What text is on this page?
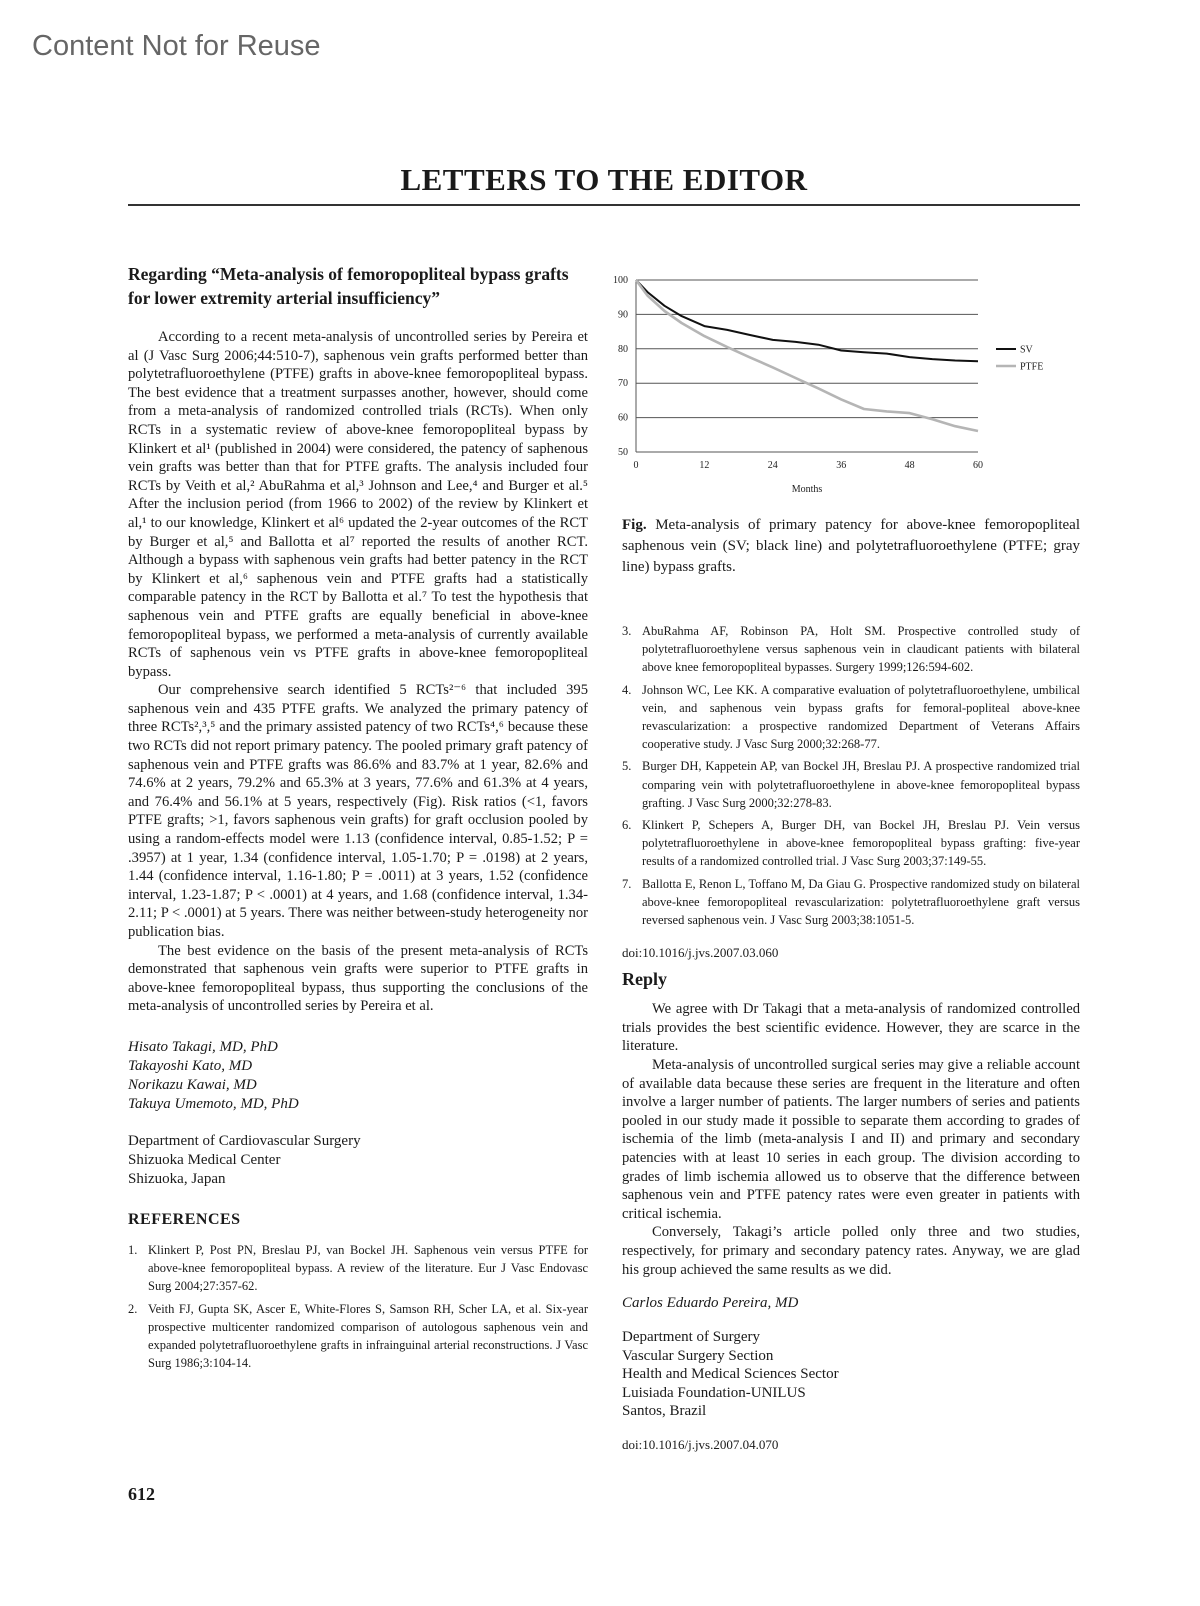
Content Not for Reuse
LETTERS TO THE EDITOR
Regarding “Meta-analysis of femoropopliteal bypass grafts for lower extremity arterial insufficiency”

According to a recent meta-analysis of uncontrolled series by Pereira et al (J Vasc Surg 2006;44:510-7), saphenous vein grafts performed better than polytetrafluoroethylene (PTFE) grafts in above-knee femoropopliteal bypass. The best evidence that a treatment surpasses another, however, should come from a meta-analysis of randomized controlled trials (RCTs). When only RCTs in a systematic review of above-knee femoropopliteal bypass by Klinkert et al¹ (published in 2004) were considered, the patency of saphenous vein grafts was better than that for PTFE grafts. The analysis included four RCTs by Veith et al,² AbuRahma et al,³ Johnson and Lee,⁴ and Burger et al.⁵ After the inclusion period (from 1966 to 2002) of the review by Klinkert et al,¹ to our knowledge, Klinkert et al⁶ updated the 2-year outcomes of the RCT by Burger et al,⁵ and Ballotta et al⁷ reported the results of another RCT. Although a bypass with saphenous vein grafts had better patency in the RCT by Klinkert et al,⁶ saphenous vein and PTFE grafts had a statistically comparable patency in the RCT by Ballotta et al.⁷ To test the hypothesis that saphenous vein and PTFE grafts are equally beneficial in above-knee femoropopliteal bypass, we performed a meta-analysis of currently available RCTs of saphenous vein vs PTFE grafts in above-knee femoropopliteal bypass.

Our comprehensive search identified 5 RCTs²⁻⁶ that included 395 saphenous vein and 435 PTFE grafts. We analyzed the primary patency of three RCTs²,³,⁵ and the primary assisted patency of two RCTs⁴,⁶ because these two RCTs did not report primary patency. The pooled primary graft patency of saphenous vein and PTFE grafts was 86.6% and 83.7% at 1 year, 82.6% and 74.6% at 2 years, 79.2% and 65.3% at 3 years, 77.6% and 61.3% at 4 years, and 76.4% and 56.1% at 5 years, respectively (Fig). Risk ratios (<1, favors PTFE grafts; >1, favors saphenous vein grafts) for graft occlusion pooled by using a random-effects model were 1.13 (confidence interval, 0.85-1.52; P = .3957) at 1 year, 1.34 (confidence interval, 1.05-1.70; P = .0198) at 2 years, 1.44 (confidence interval, 1.16-1.80; P = .0011) at 3 years, 1.52 (confidence interval, 1.23-1.87; P < .0001) at 4 years, and 1.68 (confidence interval, 1.34-2.11; P < .0001) at 5 years. There was neither between-study heterogeneity nor publication bias.

The best evidence on the basis of the present meta-analysis of RCTs demonstrated that saphenous vein grafts were superior to PTFE grafts in above-knee femoropopliteal bypass, thus supporting the conclusions of the meta-analysis of uncontrolled series by Pereira et al.

Hisato Takagi, MD, PhD
Takayoshi Kato, MD
Norikazu Kawai, MD
Takuya Umemoto, MD, PhD
Department of Cardiovascular Surgery
Shizuoka Medical Center
Shizuoka, Japan
REFERENCES
1. Klinkert P, Post PN, Breslau PJ, van Bockel JH. Saphenous vein versus PTFE for above-knee femoropopliteal bypass. A review of the literature. Eur J Vasc Endovasc Surg 2004;27:357-62.
2. Veith FJ, Gupta SK, Ascer E, White-Flores S, Samson RH, Scher LA, et al. Six-year prospective multicenter randomized comparison of autologous saphenous vein and expanded polytetrafluoroethylene grafts in infrainguinal arterial reconstructions. J Vasc Surg 1986;3:104-14.
612
50
60
70
80
90
100
0	12	24	36	48	60
Months
SV
PTFE
Fig. Meta-analysis of primary patency for above-knee femoropopliteal saphenous vein (SV; black line) and polytetrafluoroethylene (PTFE; gray line) bypass grafts.
3. AbuRahma AF, Robinson PA, Holt SM. Prospective controlled study of polytetrafluoroethylene versus saphenous vein in claudicant patients with bilateral above knee femoropopliteal bypasses. Surgery 1999;126:594-602.
4. Johnson WC, Lee KK. A comparative evaluation of polytetrafluoroethylene, umbilical vein, and saphenous vein bypass grafts for femoral-popliteal above-knee revascularization: a prospective randomized Department of Veterans Affairs cooperative study. J Vasc Surg 2000;32:268-77.
5. Burger DH, Kappetein AP, van Bockel JH, Breslau PJ. A prospective randomized trial comparing vein with polytetrafluoroethylene in above-knee femoropopliteal bypass grafting. J Vasc Surg 2000;32:278-83.
6. Klinkert P, Schepers A, Burger DH, van Bockel JH, Breslau PJ. Vein versus polytetrafluoroethylene in above-knee femoropopliteal bypass grafting: five-year results of a randomized controlled trial. J Vasc Surg 2003;37:149-55.
7. Ballotta E, Renon L, Toffano M, Da Giau G. Prospective randomized study on bilateral above-knee femoropopliteal revascularization: polytetrafluoroethylene graft versus reversed saphenous vein. J Vasc Surg 2003;38:1051-5.
doi:10.1016/j.jvs.2007.03.060
Reply

We agree with Dr Takagi that a meta-analysis of randomized controlled trials provides the best scientific evidence. However, they are scarce in the literature.

Meta-analysis of uncontrolled surgical series may give a reliable account of available data because these series are frequent in the literature and often involve a larger number of patients. The larger numbers of series and patients pooled in our study made it possible to separate them according to grades of ischemia of the limb (meta-analysis I and II) and primary and secondary patencies with at least 10 series in each group. The division according to grades of limb ischemia allowed us to observe that the difference between saphenous vein and PTFE patency rates were even greater in patients with critical ischemia.

Conversely, Takagi’s article polled only three and two studies, respectively, for primary and secondary patency rates. Anyway, we are glad his group achieved the same results as we did.

Carlos Eduardo Pereira, MD
Department of Surgery
Vascular Surgery Section
Health and Medical Sciences Sector
Luisiada Foundation-UNILUS
Santos, Brazil
doi:10.1016/j.jvs.2007.04.070
